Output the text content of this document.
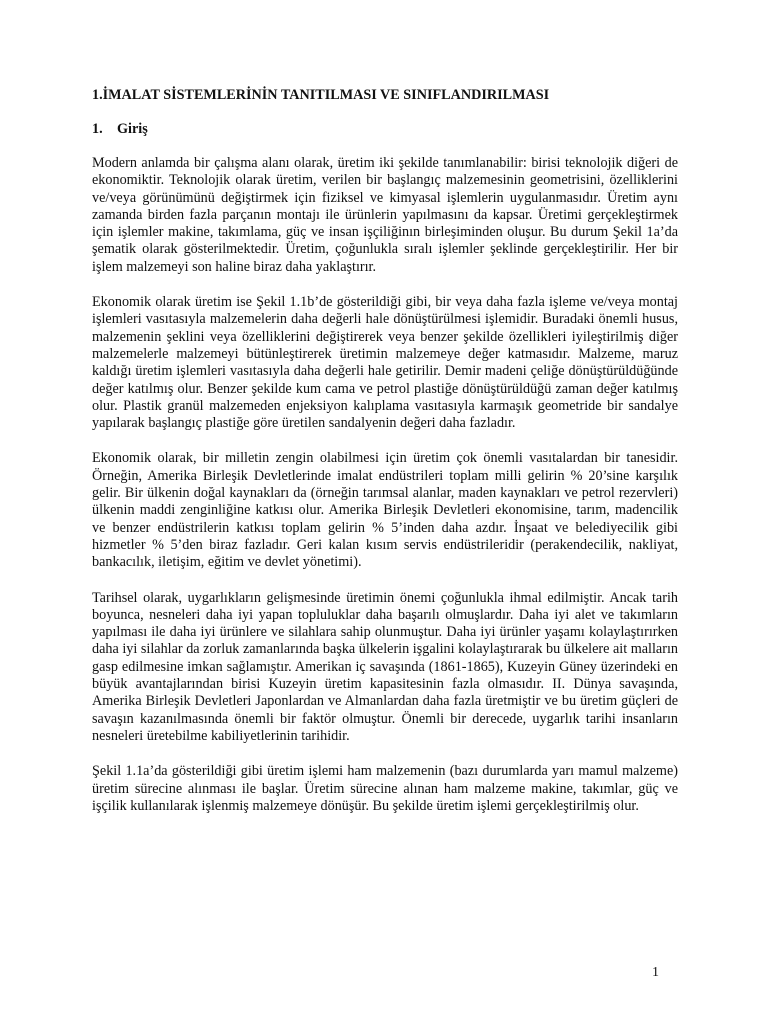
1.İMALAT SİSTEMLERİNİN TANITILMASI VE SINIFLANDIRILMASI
1. Giriş

Modern anlamda bir çalışma alanı olarak, üretim iki şekilde tanımlanabilir: birisi teknolojik diğeri de ekonomiktir. Teknolojik olarak üretim, verilen bir başlangıç malzemesinin geometrisini, özelliklerini ve/veya görünümünü değiştirmek için fiziksel ve kimyasal işlemlerin uygulanmasıdır. Üretim aynı zamanda birden fazla parçanın montajı ile ürünlerin yapılmasını da kapsar. Üretimi gerçekleştirmek için işlemler makine, takımlama, güç ve insan işçiliğinın birleşiminden oluşur. Bu durum Şekil 1a’da şematik olarak gösterilmektedir. Üretim, çoğunlukla sıralı işlemler şeklinde gerçekleştirilir. Her bir işlem malzemeyi son haline biraz daha yaklaştırır.

Ekonomik olarak üretim ise Şekil 1.1b’de gösterildiği gibi, bir veya daha fazla işleme ve/veya montaj işlemleri vasıtasıyla malzemelerin daha değerli hale dönüştürülmesi işlemidir. Buradaki önemli husus, malzemenin şeklini veya özelliklerini değiştirerek veya benzer şekilde özellikleri iyileştirilmiş diğer malzemelerle malzemeyi bütünleştirerek üretimin malzemeye değer katmasıdır. Malzeme, maruz kaldığı üretim işlemleri vasıtasıyla daha değerli hale getirilir. Demir madeni çeliğe dönüştürüldüğünde değer katılmış olur. Benzer şekilde kum cama ve petrol plastiğe dönüştürüldüğü zaman değer katılmış olur. Plastik granül malzemeden enjeksiyon kalıplama vasıtasıyla karmaşık geometride bir sandalye yapılarak başlangıç plastiğe göre üretilen sandalyenin değeri daha fazladır.

Ekonomik olarak, bir milletin zengin olabilmesi için üretim çok önemli vasıtalardan bir tanesidir. Örneğin, Amerika Birleşik Devletlerinde imalat endüstrileri toplam milli gelirin % 20’sine karşılık gelir. Bir ülkenin doğal kaynakları da (örneğin tarımsal alanlar, maden kaynakları ve petrol rezervleri) ülkenin maddi zenginliğine katkısı olur. Amerika Birleşik Devletleri ekonomisine, tarım, madencilik ve benzer endüstrilerin katkısı toplam gelirin % 5’inden daha azdır. İnşaat ve belediyecilik gibi hizmetler % 5’den biraz fazladır. Geri kalan kısım servis endüstrileridir (perakendecilik, nakliyat, bankacılık, iletişim, eğitim ve devlet yönetimi).

Tarihsel olarak, uygarlıkların gelişmesinde üretimin önemi çoğunlukla ihmal edilmiştir. Ancak tarih boyunca, nesneleri daha iyi yapan topluluklar daha başarılı olmuşlardır. Daha iyi alet ve takımların yapılması ile daha iyi ürünlere ve silahlara sahip olunmuştur. Daha iyi ürünler yaşamı kolaylaştırırken daha iyi silahlar da zorluk zamanlarında başka ülkelerin işgalini kolaylaştırarak bu ülkelere ait malların gasp edilmesine imkan sağlamıştır. Amerikan iç savaşında (1861-1865), Kuzeyin Güney üzerindeki en büyük avantajlarından birisi Kuzeyin üretim kapasitesinin fazla olmasıdır. II. Dünya savaşında, Amerika Birleşik Devletleri Japonlardan ve Almanlardan daha fazla üretmiştir ve bu üretim güçleri de savaşın kazanılmasında önemli bir faktör olmuştur. Önemli bir derecede, uygarlık tarihi insanların nesneleri üretebilme kabiliyetlerinin tarihidir.

Şekil 1.1a’da gösterildiği gibi üretim işlemi ham malzemenin (bazı durumlarda yarı mamul malzeme) üretim sürecine alınması ile başlar. Üretim sürecine alınan ham malzeme makine, takımlar, güç ve işçilik kullanılarak işlenmiş malzemeye dönüşür. Bu şekilde üretim işlemi gerçekleştirilmiş olur.

1
